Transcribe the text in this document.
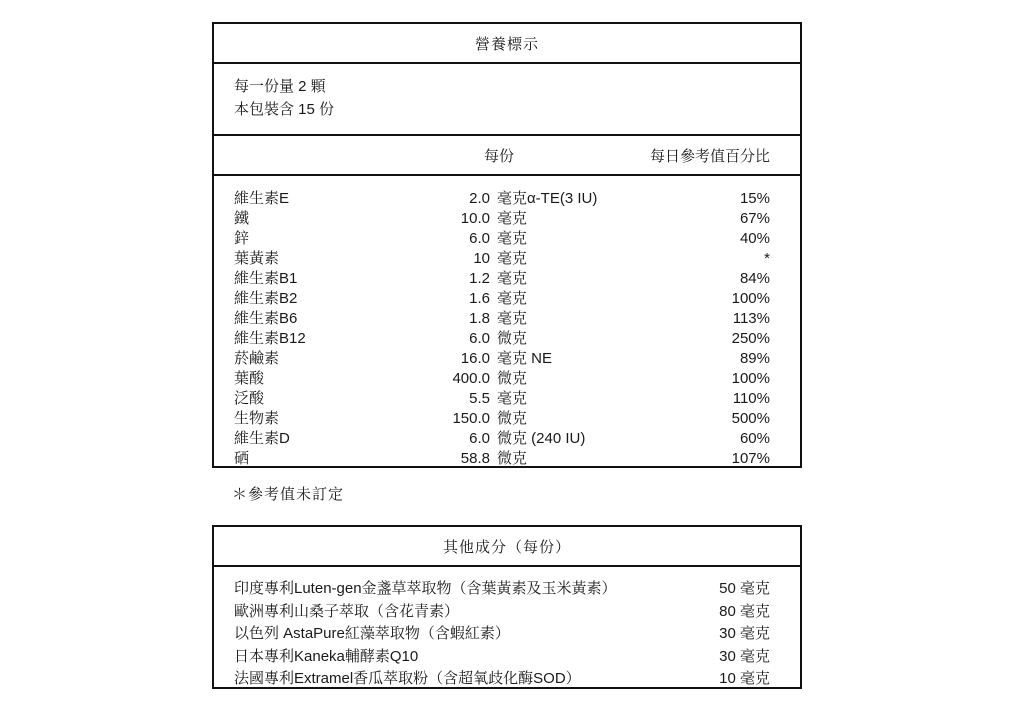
營養標示
每一份量 2 顆
本包裝含 15 份
每份	每日參考值百分比
維生素E	2.0 毫克α-TE(3 IU)	15%
鐵	10.0 毫克	67%
鋅	6.0 毫克	40%
葉黃素	10 毫克	*
維生素B1	1.2 毫克	84%
維生素B2	1.6 毫克	100%
維生素B6	1.8 毫克	113%
維生素B12	6.0 微克	250%
菸鹼素	16.0 毫克 NE	89%
葉酸	400.0 微克	100%
泛酸	5.5 毫克	110%
生物素	150.0 微克	500%
維生素D	6.0 微克 (240 IU)	60%
硒	58.8 微克	107%
＊參考值未訂定
其他成分（每份）
印度專利Luten-gen金盞草萃取物（含葉黃素及玉米黃素）	50 毫克
歐洲專利山桑子萃取（含花青素）	80 毫克
以色列 AstaPure紅藻萃取物（含蝦紅素）	30 毫克
日本專利Kaneka輔酵素Q10	30 毫克
法國專利Extramel香瓜萃取粉（含超氧歧化酶SOD）	10 毫克
